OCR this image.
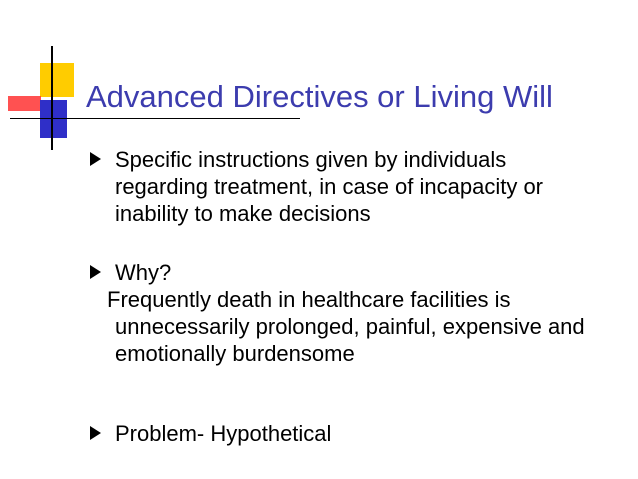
Advanced Directives or Living Will
Specific instructions given by individuals regarding treatment, in case of incapacity or inability to make decisions
Why?
Frequently death in healthcare facilities is
unnecessarily prolonged, painful, expensive and emotionally burdensome
Problem- Hypothetical
